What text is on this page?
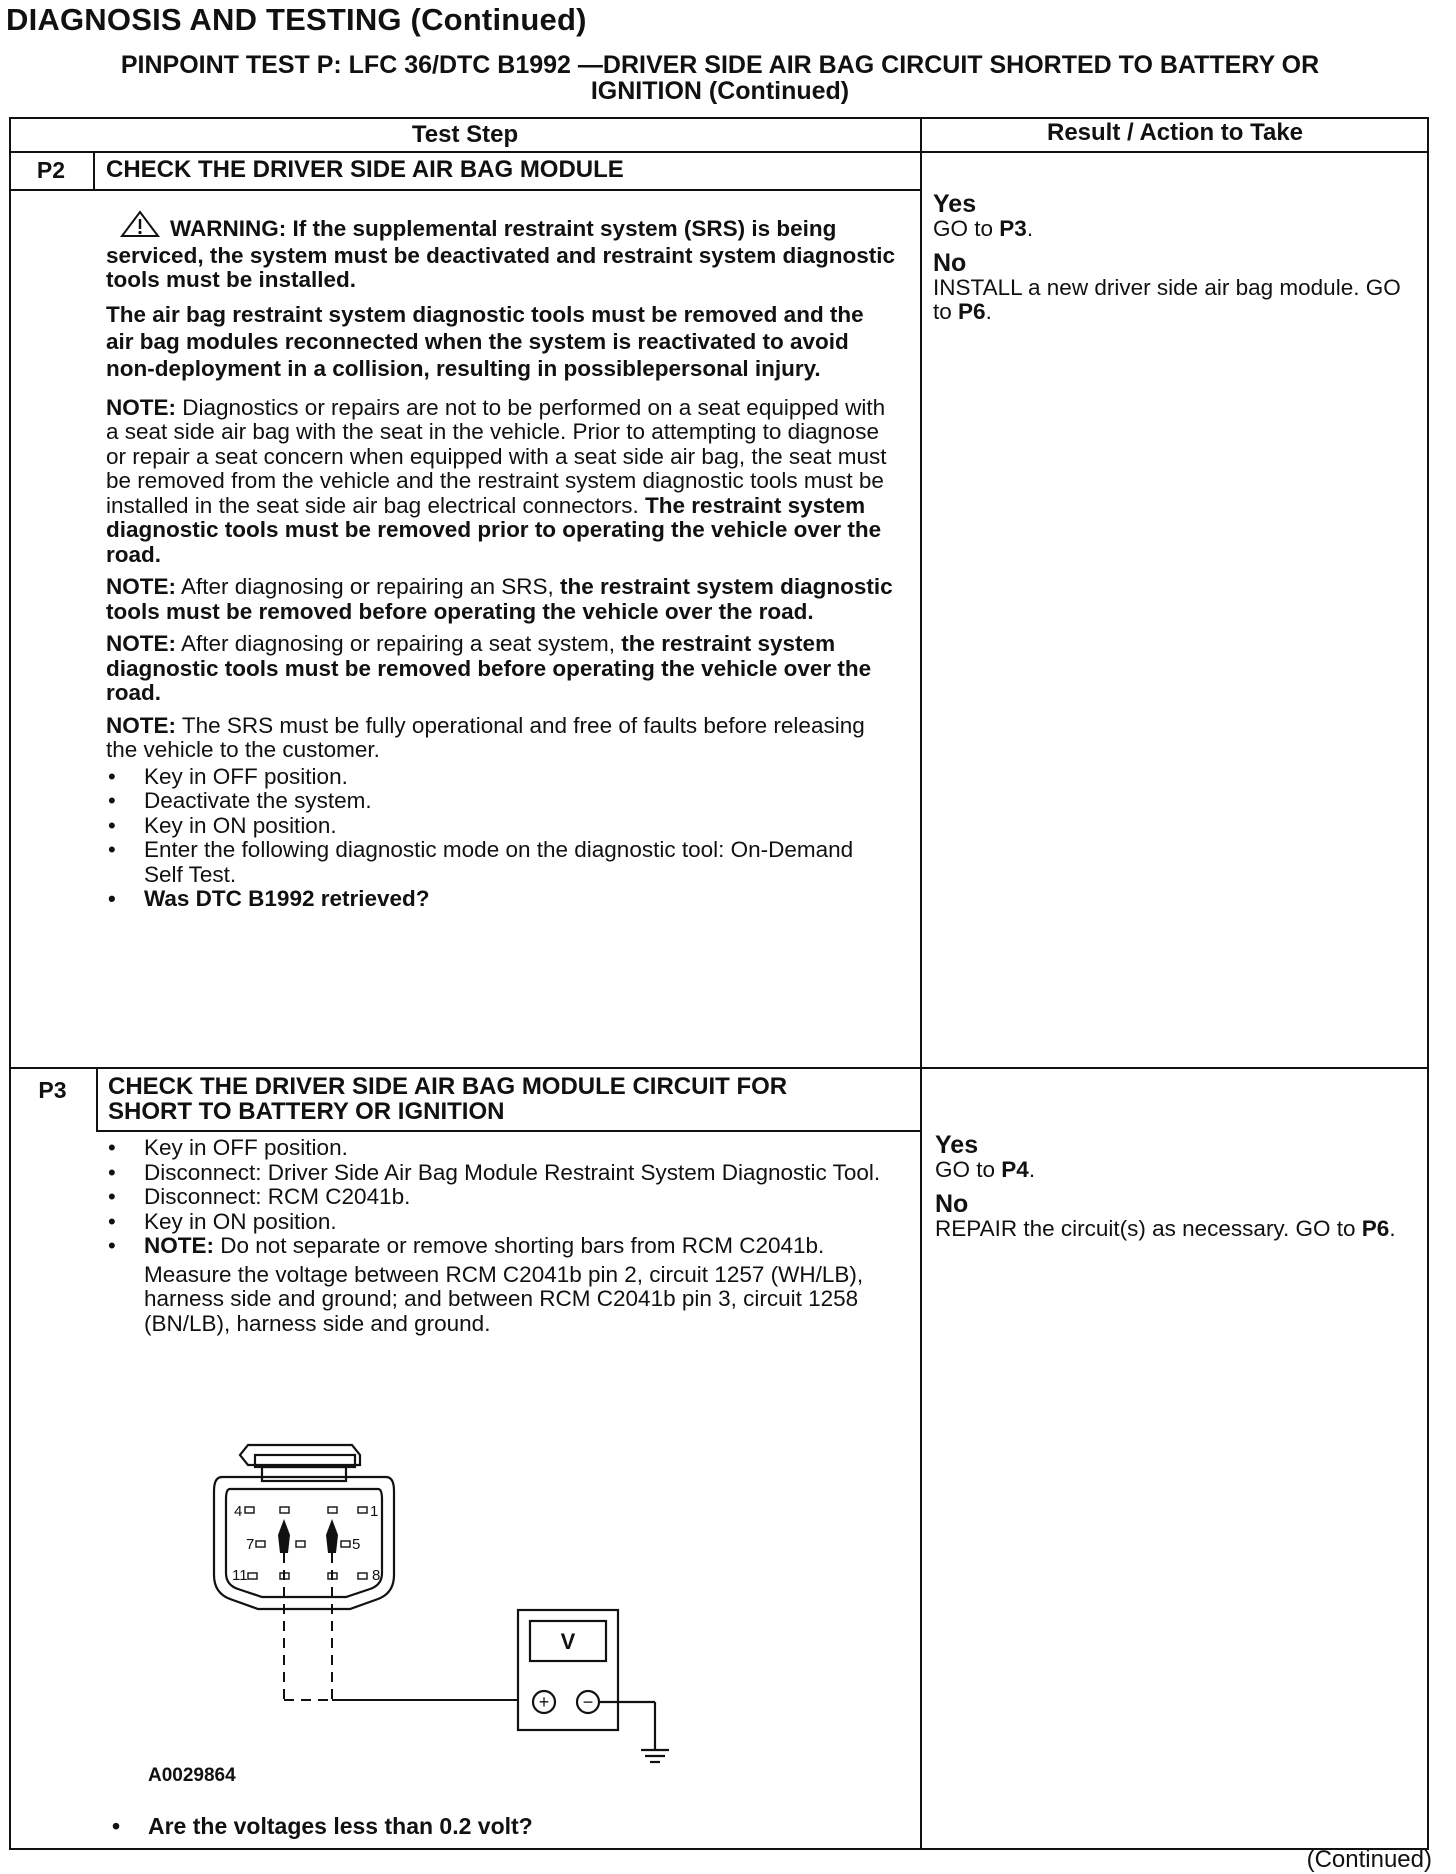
DIAGNOSIS AND TESTING (Continued)
PINPOINT TEST P: LFC 36/DTC B1992 —DRIVER SIDE AIR BAG CIRCUIT SHORTED TO BATTERY OR
IGNITION (Continued)
Test Step	Result / Action to Take
P2	CHECK THE DRIVER SIDE AIR BAG MODULE

WARNING: If the supplemental restraint system (SRS) is being serviced, the system must be deactivated and restraint system diagnostic tools must be installed.

The air bag restraint system diagnostic tools must be removed and the air bag modules reconnected when the system is reactivated to avoid non-deployment in a collision, resulting in possiblepersonal injury.

NOTE: Diagnostics or repairs are not to be performed on a seat equipped with a seat side air bag with the seat in the vehicle. Prior to attempting to diagnose or repair a seat concern when equipped with a seat side air bag, the seat must be removed from the vehicle and the restraint system diagnostic tools must be installed in the seat side air bag electrical connectors. The restraint system diagnostic tools must be removed prior to operating the vehicle over the road.

NOTE: After diagnosing or repairing an SRS, the restraint system diagnostic tools must be removed before operating the vehicle over the road.

NOTE: After diagnosing or repairing a seat system, the restraint system diagnostic tools must be removed before operating the vehicle over the road.

NOTE: The SRS must be fully operational and free of faults before releasing the vehicle to the customer.

• Key in OFF position.
• Deactivate the system.
• Key in ON position.
• Enter the following diagnostic mode on the diagnostic tool: On-Demand Self Test.
• Was DTC B1992 retrieved?
Yes
GO to P3.
No
INSTALL a new driver side air bag module. GO to P6.
P3	CHECK THE DRIVER SIDE AIR BAG MODULE CIRCUIT FOR
SHORT TO BATTERY OR IGNITION
• Key in OFF position.
• Disconnect: Driver Side Air Bag Module Restraint System Diagnostic Tool.
• Disconnect: RCM C2041b.
• Key in ON position.
• NOTE: Do not separate or remove shorting bars from RCM C2041b.

Measure the voltage between RCM C2041b pin 2, circuit 1257 (WH/LB), harness side and ground; and between RCM C2041b pin 3, circuit 1258 (BN/LB), harness side and ground.

4	1
7	5
11	8
V
+ −
A0029864
• Are the voltages less than 0.2 volt?
Yes
GO to P4.
No
REPAIR the circuit(s) as necessary. GO to P6.
(Continued)
